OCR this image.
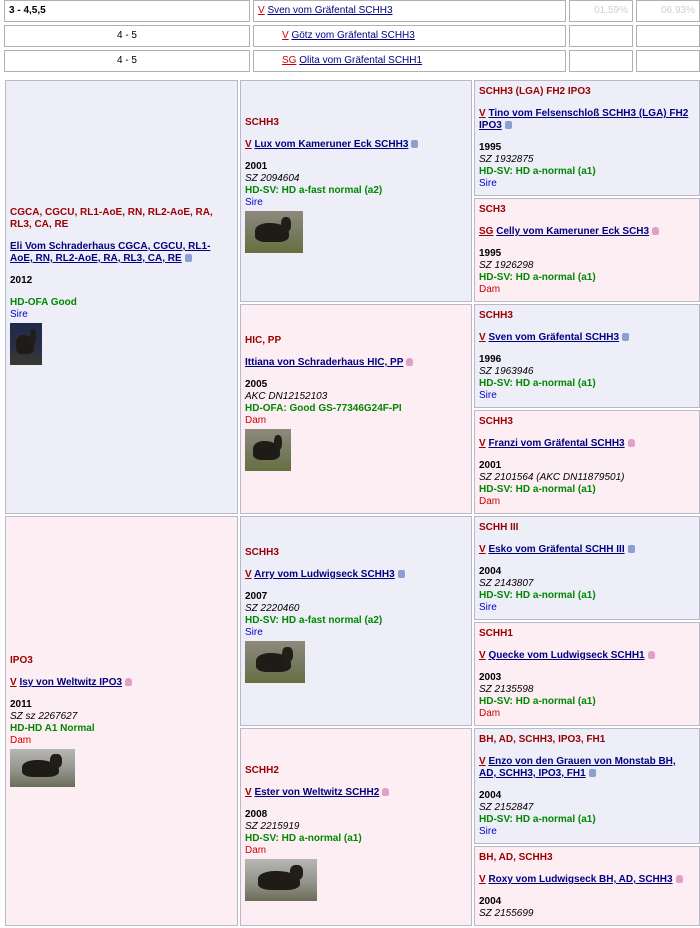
3 - 4,5,5	V Sven vom Gräfental SCHH3	01.59%	06.93%
4 - 5	V Götz vom Gräfental SCHH3
4 - 5	SG Olita vom Gräfental SCHH1
CGCA, CGCU, RL1-AoE, RN, RL2-AoE, RA, RL3, CA, RE
Eli Vom Schraderhaus CGCA, CGCU, RL1-AoE, RN, RL2-AoE, RA, RL3, CA, RE
2012
HD-OFA Good
Sire
IPO3
V Isy von Weltwitz IPO3
2011
SZ sz 2267627
HD-HD A1 Normal
Dam
SCHH3
V Lux vom Kameruner Eck SCHH3
2001
SZ 2094604
HD-SV: HD a-fast normal (a2)
Sire
HIC, PP
Ittiana von Schraderhaus HIC, PP
2005
AKC DN12152103
HD-OFA: Good GS-77346G24F-PI
Dam
SCHH3
V Arry vom Ludwigseck SCHH3
2007
SZ 2220460
HD-SV: HD a-fast normal (a2)
Sire
SCHH2
V Ester von Weltwitz SCHH2
2008
SZ 2215919
HD-SV: HD a-normal (a1)
Dam
SCHH3 (LGA) FH2 IPO3
V Tino vom Felsenschloß SCHH3 (LGA) FH2 IPO3
1995
SZ 1932875
HD-SV: HD a-normal (a1)
Sire
SCH3
SG Celly vom Kameruner Eck SCH3
1995
SZ 1926298
HD-SV: HD a-normal (a1)
Dam
SCHH3
V Sven vom Gräfental SCHH3
1996
SZ 1963946
HD-SV: HD a-normal (a1)
Sire
SCHH3
V Franzi vom Gräfental SCHH3
2001
SZ 2101564 (AKC DN11879501)
HD-SV: HD a-normal (a1)
Dam
SCHH III
V Esko vom Gräfental SCHH III
2004
SZ 2143807
HD-SV: HD a-normal (a1)
Sire
SCHH1
V Quecke vom Ludwigseck SCHH1
2003
SZ 2135598
HD-SV: HD a-normal (a1)
Dam
BH, AD, SCHH3, IPO3, FH1
V Enzo von den Grauen von Monstab BH, AD, SCHH3, IPO3, FH1
2004
SZ 2152847
HD-SV: HD a-normal (a1)
Sire
BH, AD, SCHH3
V Roxy vom Ludwigseck BH, AD, SCHH3
2004
SZ 2155699
